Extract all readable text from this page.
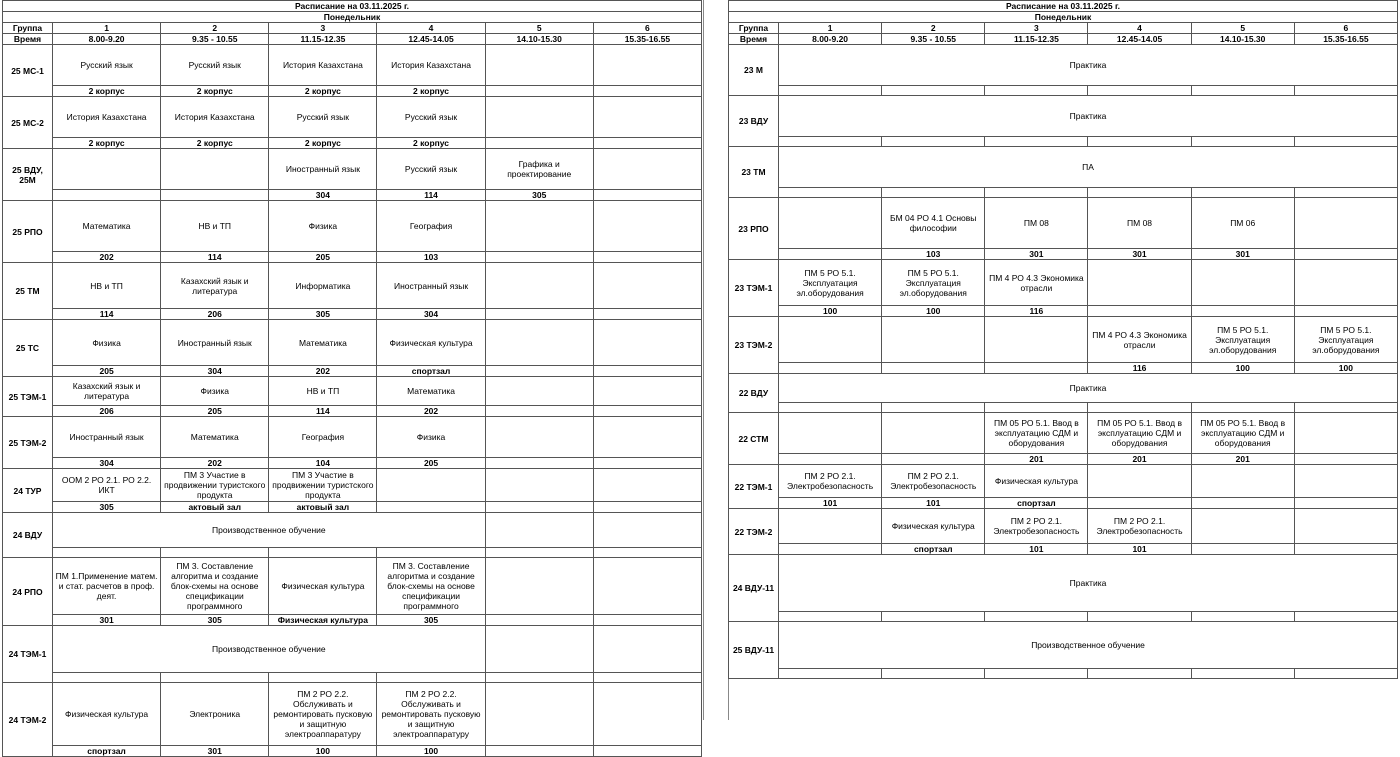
Расписание на 03.11.2025 г.						
Понедельник						
Группа	1	2	3	4	5	6
Время	8.00-9.20	9.35 - 10.55	11.15-12.35	12.45-14.05	14.10-15.30	15.35-16.55
25 МС-1	Русский язык	Русский язык	История Казахстана	История Казахстана		
	2 корпус	2 корпус	2 корпус	2 корпус		
25 МС-2	История Казахстана	История Казахстана	Русский язык	Русский язык		
	2 корпус	2 корпус	2 корпус	2 корпус		
25 ВДУ, 25М			Иностранный язык	Русский язык	Графика и проектирование	
			304	114	305	
25 РПО	Математика	НВ и ТП	Физика	География		
	202	114	205	103		
25 ТМ	НВ и ТП	Казахский язык и литература	Информатика	Иностранный язык		
	114	206	305	304		
25 ТС	Физика	Иностранный язык	Математика	Физическая культура		
	205	304	202	спортзал		
25 ТЭМ-1	Казахский язык и литература	Физика	НВ и ТП	Математика		
	206	205	114	202		
25 ТЭМ-2	Иностранный язык	Математика	География	Физика		
	304	202	104	205		
24 ТУР	ООМ 2 РО 2.1. РО 2.2. ИКТ	ПМ 3 Участие в продвижении туристского продукта	ПМ 3 Участие в продвижении туристского продукта			
	305	актовый зал	актовый зал			
24 ВДУ	Производственное обучение					

24 РПО	ПМ 1.Применение матем. и стат. расчетов в проф. деят.	ПМ 3. Составление алгоритма и создание блок-схемы на основе спецификации программного	Физическая культура	ПМ 3. Составление алгоритма и создание блок-схемы на основе спецификации программного		
	301	305	Физическая культура	305		
24 ТЭМ-1	Производственное обучение					

24 ТЭМ-2	Физическая культура	Электроника	ПМ 2 РО 2.2. Обслуживать и ремонтировать пусковую и защитную электроаппаратуру	ПМ 2 РО 2.2. Обслуживать и ремонтировать пусковую и защитную электроаппаратуру		
	спортзал	301	100	100		
Расписание на 03.11.2025 г.						
Понедельник						
Группа	1	2	3	4	5	6
Время	8.00-9.20	9.35 - 10.55	11.15-12.35	12.45-14.05	14.10-15.30	15.35-16.55
23 М	Практика					

23 ВДУ	Практика					

23 ТМ	ПА					

23 РПО		БМ 04 РО 4.1 Основы философии	ПМ 08	ПМ 08	ПМ 06	
		103	301	301	301	
23 ТЭМ-1	ПМ 5 РО 5.1. Эксплуатация эл.оборудования	ПМ 5 РО 5.1. Эксплуатация эл.оборудования	ПМ 4 РО 4.3 Экономика отрасли			
	100	100	116			
23 ТЭМ-2				ПМ 4 РО 4.3 Экономика отрасли	ПМ 5 РО 5.1. Эксплуатация эл.оборудования	ПМ 5 РО 5.1. Эксплуатация эл.оборудования
				116	100	100
22 ВДУ	Практика					

22 СТМ			ПМ 05 РО 5.1. Ввод в эксплуатацию СДМ и оборудования	ПМ 05 РО 5.1. Ввод в эксплуатацию СДМ и оборудования	ПМ 05 РО 5.1. Ввод в эксплуатацию СДМ и оборудования	
			201	201	201	
22 ТЭМ-1	ПМ 2 РО 2.1. Электробезопасность	ПМ 2 РО 2.1. Электробезопасность	Физическая культура			
	101	101	спортзал			
22 ТЭМ-2		Физическая культура	ПМ 2 РО 2.1. Электробезопасность	ПМ 2 РО 2.1. Электробезопасность		
		спортзал	101	101		
24 ВДУ-11	Практика					

25 ВДУ-11	Производственное обучение					
